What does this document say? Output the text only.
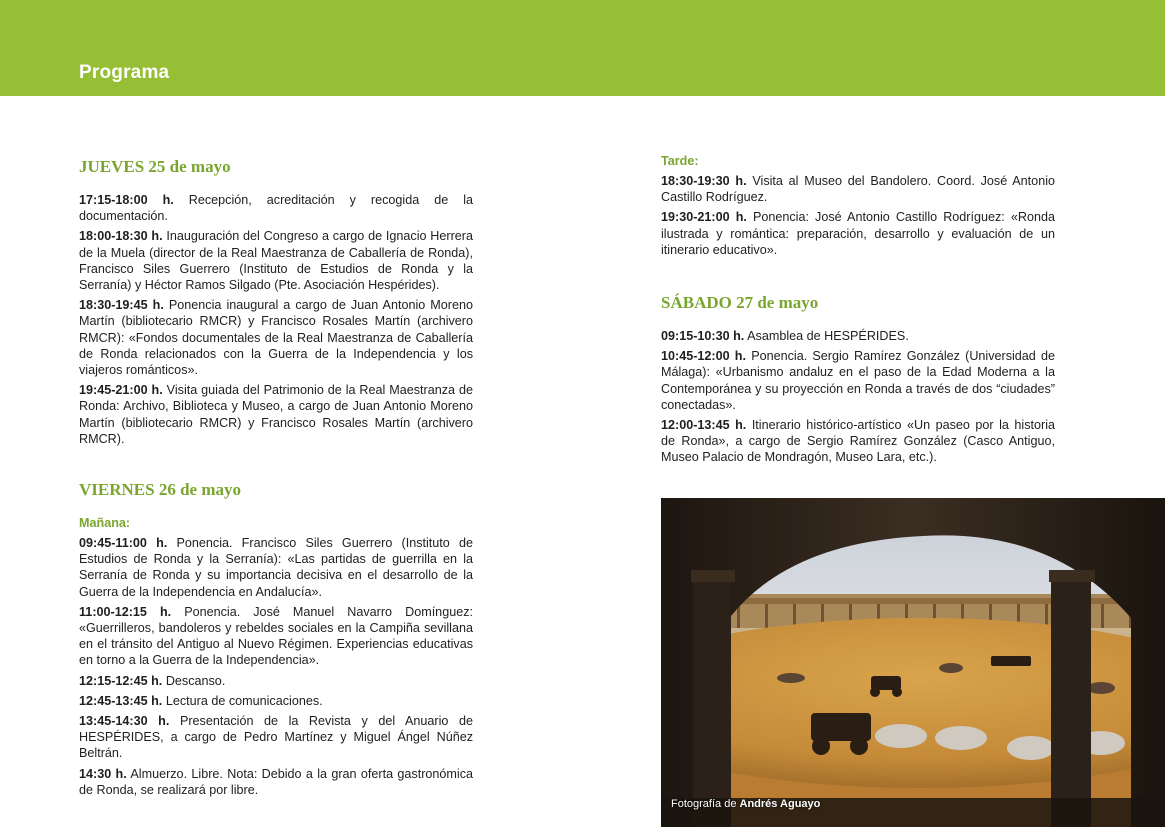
Programa
JUEVES 25 de mayo
17:15-18:00 h. Recepción, acreditación y recogida de la documentación.
18:00-18:30 h. Inauguración del Congreso a cargo de Ignacio Herrera de la Muela (director de la Real Maestranza de Caballería de Ronda), Francisco Siles Guerrero (Instituto de Estudios de Ronda y la Serranía) y Héctor Ramos Silgado (Pte. Asociación Hespérides).
18:30-19:45 h. Ponencia inaugural a cargo de Juan Antonio Moreno Martín (bibliotecario RMCR) y Francisco Rosales Martín (archivero RMCR): «Fondos documentales de la Real Maestranza de Caballería de Ronda relacionados con la Guerra de la Independencia y los viajeros románticos».
19:45-21:00 h. Visita guiada del Patrimonio de la Real Maestranza de Ronda: Archivo, Biblioteca y Museo, a cargo de Juan Antonio Moreno Martín (bibliotecario RMCR) y Francisco Rosales Martín (archivero RMCR).
VIERNES 26 de mayo
Mañana:
09:45-11:00 h. Ponencia. Francisco Siles Guerrero (Instituto de Estudios de Ronda y la Serranía): «Las partidas de guerrilla en la Serranía de Ronda y su importancia decisiva en el desarrollo de la Guerra de la Independencia en Andalucía».
11:00-12:15 h. Ponencia. José Manuel Navarro Domínguez: «Guerrilleros, bandoleros y rebeldes sociales en la Campiña sevillana en el tránsito del Antiguo al Nuevo Régimen. Experiencias educativas en torno a la Guerra de la Independencia».
12:15-12:45 h. Descanso.
12:45-13:45 h. Lectura de comunicaciones.
13:45-14:30 h. Presentación de la Revista y del Anuario de HESPÉRIDES, a cargo de Pedro Martínez y Miguel Ángel Núñez Beltrán.
14:30 h. Almuerzo. Libre. Nota: Debido a la gran oferta gastronómica de Ronda, se realizará por libre.
Tarde:
18:30-19:30 h. Visita al Museo del Bandolero. Coord. José Antonio Castillo Rodríguez.
19:30-21:00 h. Ponencia: José Antonio Castillo Rodríguez: «Ronda ilustrada y romántica: preparación, desarrollo y evaluación de un itinerario educativo».
SÁBADO 27 de mayo
09:15-10:30 h. Asamblea de HESPÉRIDES.
10:45-12:00 h. Ponencia. Sergio Ramírez González (Universidad de Málaga): «Urbanismo andaluz en el paso de la Edad Moderna a la Contemporánea y su proyección en Ronda a través de dos “ciudades” conectadas».
12:00-13:45 h. Itinerario histórico-artístico «Un paseo por la historia de Ronda», a cargo de Sergio Ramírez González (Casco Antiguo, Museo Palacio de Mondragón, Museo Lara, etc.).
Fotografía de Andrés Aguayo
